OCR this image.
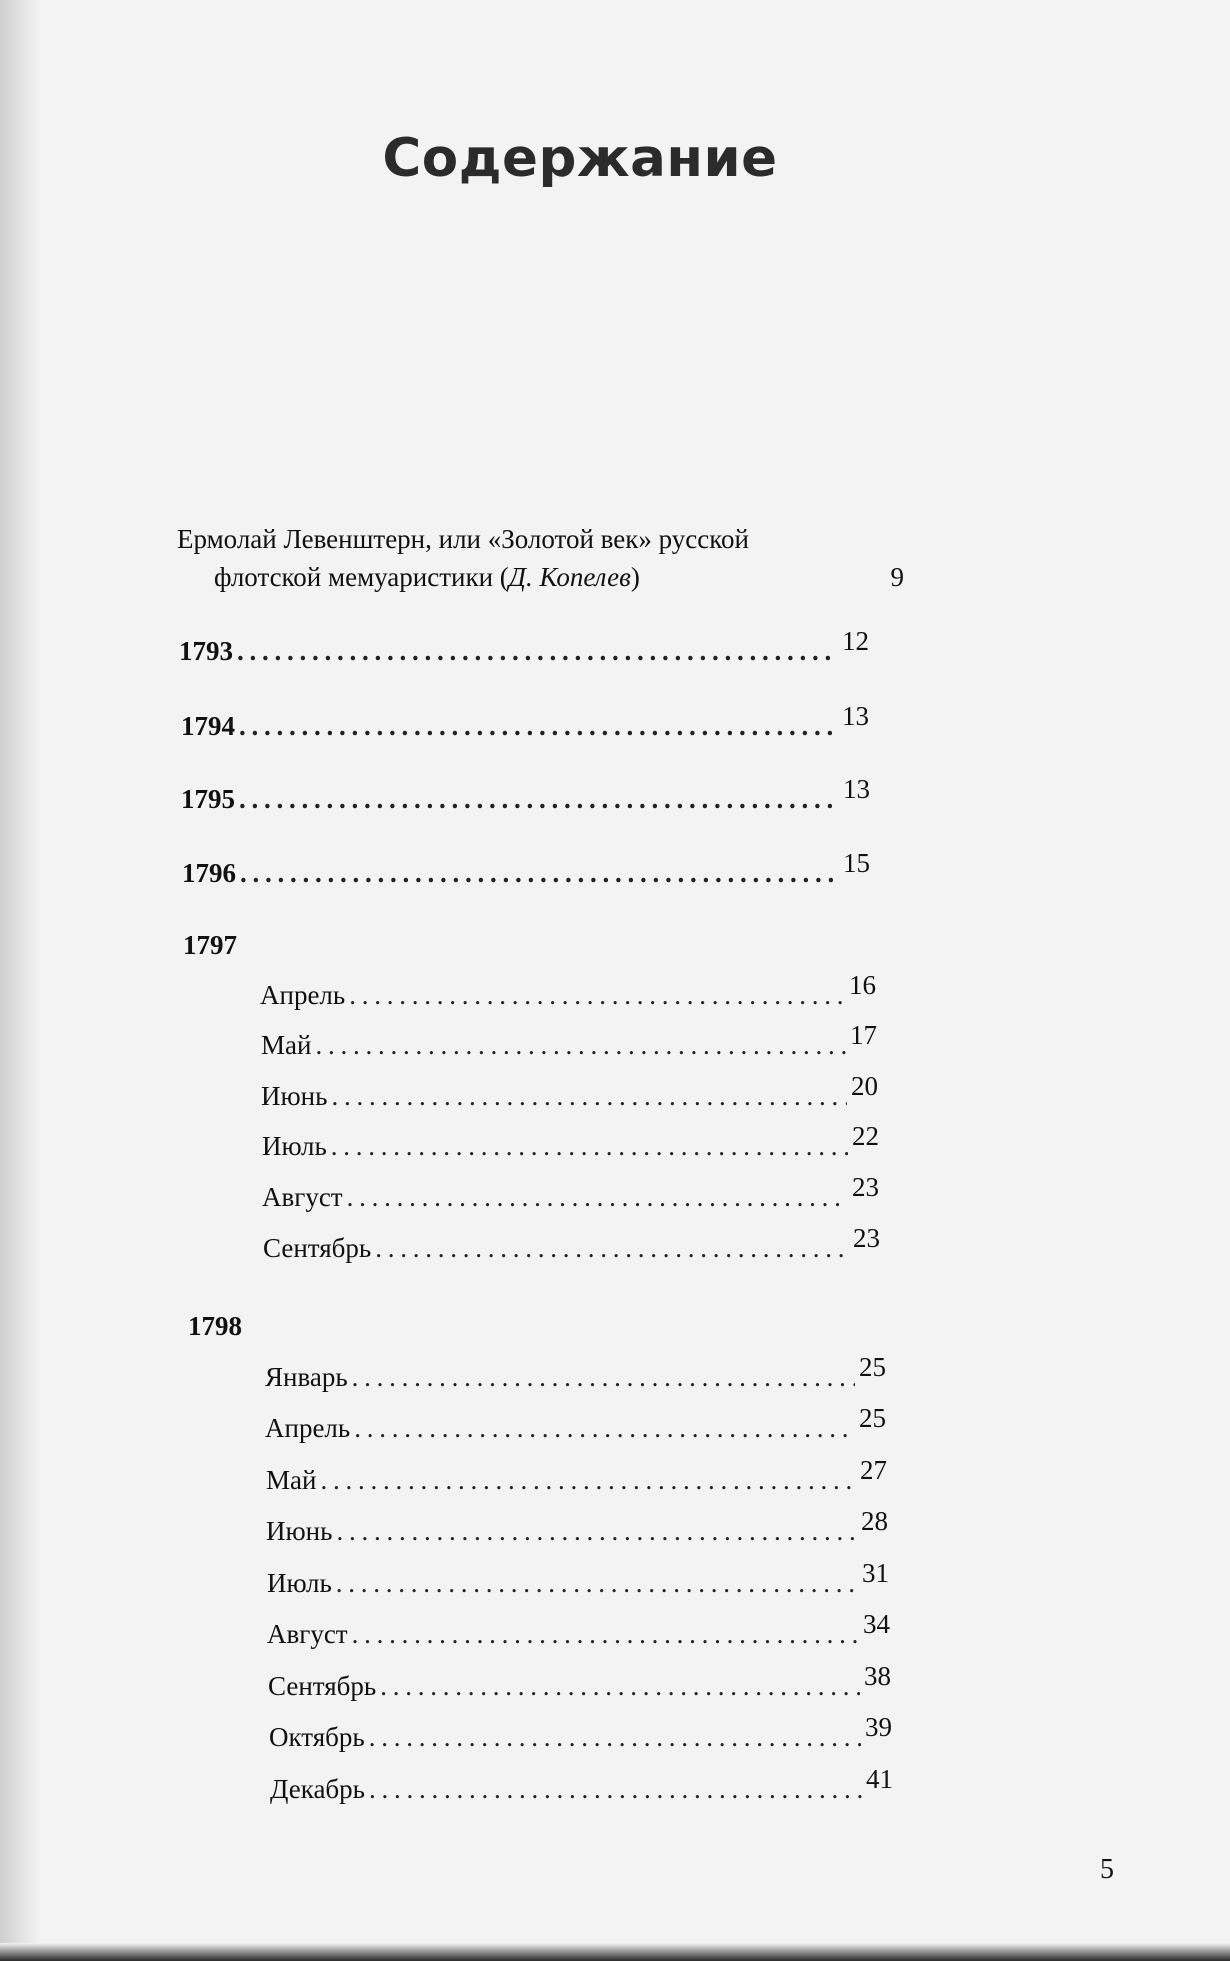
Содержание
Ермолай Левенштерн, или «Золотой век» русской
флотской мемуаристики ( Д. Копелев )	9
1793 . . .	12
1794 . . .	13
1795 . . .	13
1796 . . .	15
1797
Апрель . . .	16
Май . . .	17
Июнь . . .	20
Июль . . .	22
Август . . .	23
Сентябрь . . .	23
1798
Январь . . .	25
Апрель . . .	25
Май . . .	27
Июнь . . .	28
Июль . . .	31
Август . . .	34
Сентябрь . . .	38
Октябрь . . .	39
Декабрь . . .	41
5
